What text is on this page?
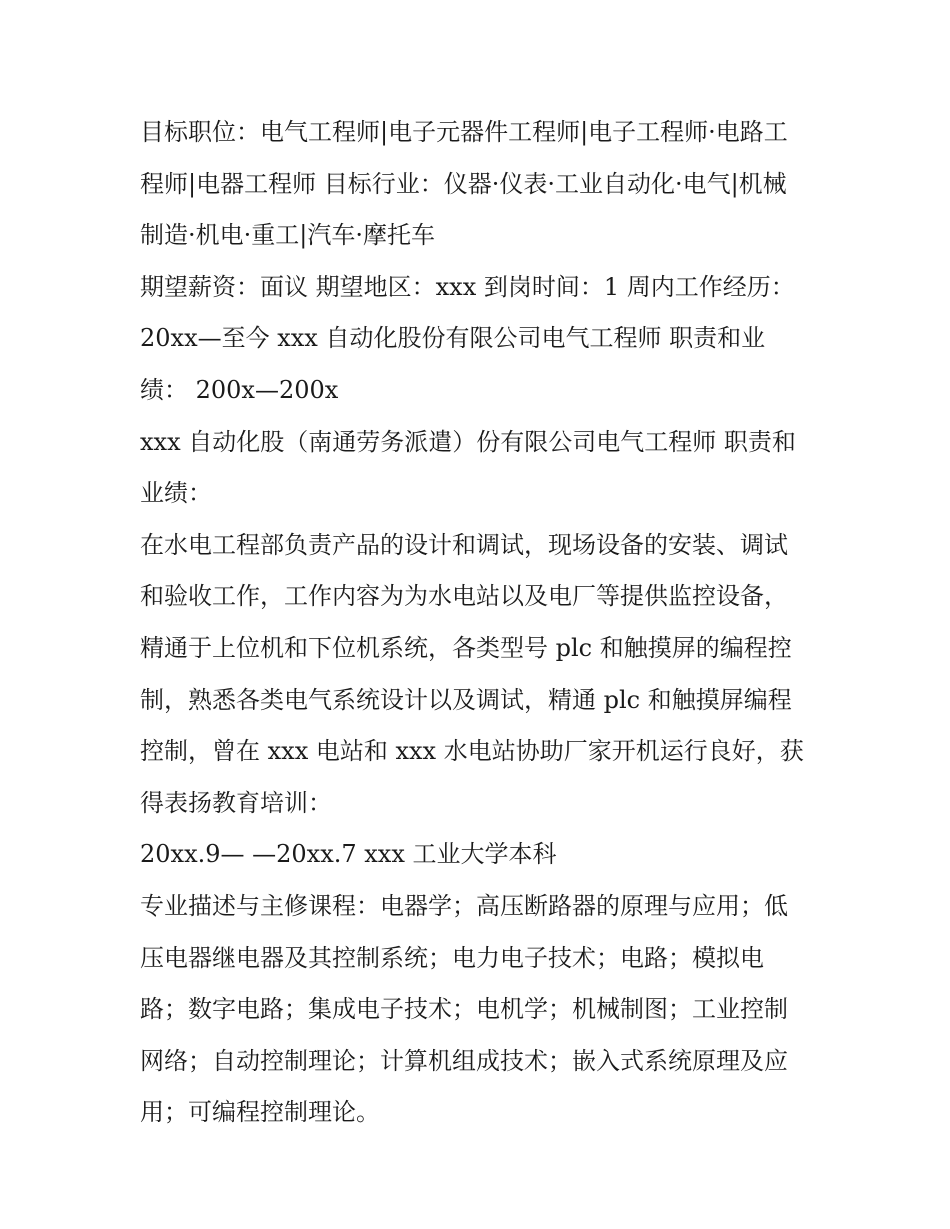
目标职位：电气工程师|电子元器件工程师|电子工程师·电路工
程师|电器工程师 目标行业：仪器·仪表·工业自动化·电气|机械
制造·机电·重工|汽车·摩托车
期望薪资：面议 期望地区：xxx 到岗时间：1 周内工作经历：
20xx—至今 xxx 自动化股份有限公司电气工程师 职责和业
绩： 200x—200x
xxx 自动化股（南通劳务派遣）份有限公司电气工程师 职责和
业绩：
在水电工程部负责产品的设计和调试，现场设备的安装、调试
和验收工作，工作内容为为水电站以及电厂等提供监控设备，
精通于上位机和下位机系统，各类型号 plc 和触摸屏的编程控
制，熟悉各类电气系统设计以及调试，精通 plc 和触摸屏编程
控制，曾在 xxx 电站和 xxx 水电站协助厂家开机运行良好，获
得表扬教育培训：
20xx.9— —20xx.7 xxx 工业大学本科
专业描述与主修课程：电器学；高压断路器的原理与应用；低
压电器继电器及其控制系统；电力电子技术；电路；模拟电
路；数字电路；集成电子技术；电机学；机械制图；工业控制
网络；自动控制理论；计算机组成技术；嵌入式系统原理及应
用；可编程控制理论。
